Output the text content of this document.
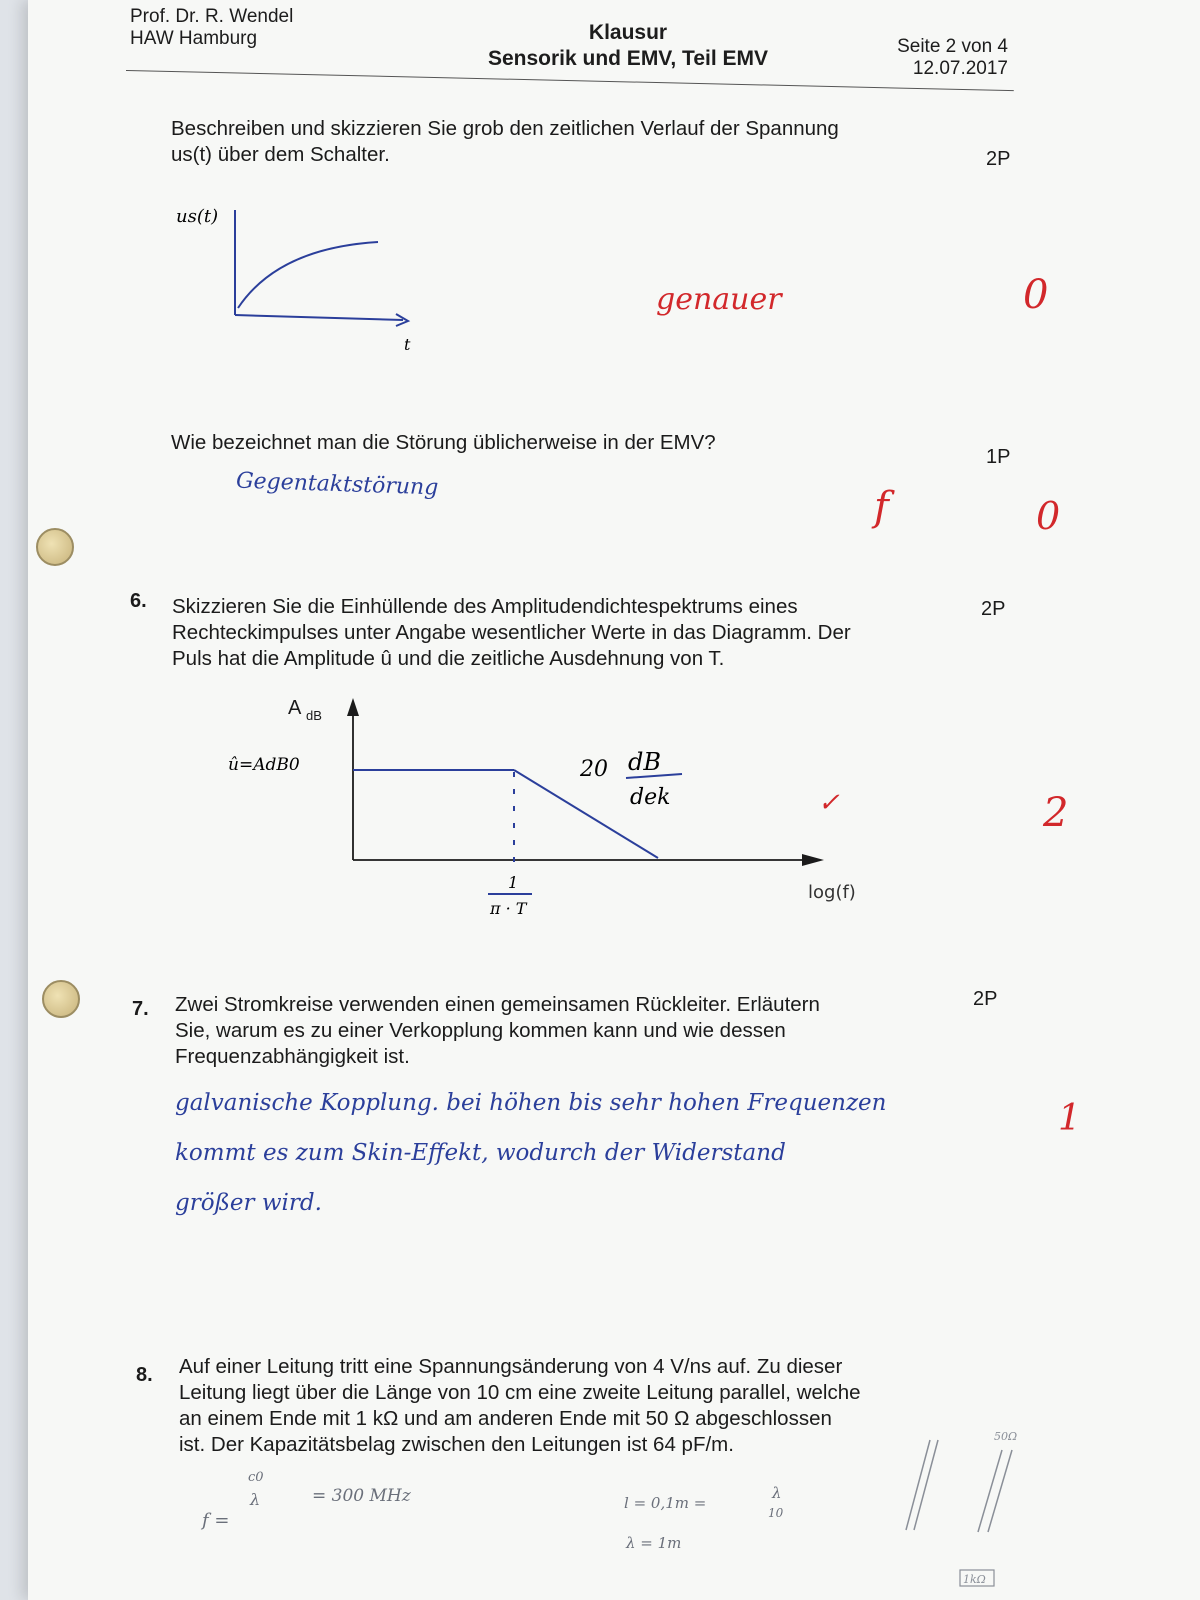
Prof. Dr. R. Wendel
HAW Hamburg	Klausur
Sensorik und EMV, Teil EMV
Seite 2 von 4
12.07.2017
Beschreiben und skizzieren Sie grob den zeitlichen Verlauf der Spannung
us(t) über dem Schalter.	2P
us(t)
t
genauer	0
Wie bezeichnet man die Störung üblicherweise in der EMV?
1P
Gegentaktstörung	f	0
6. Skizzieren Sie die Einhüllende des Amplitudendichtespektrums eines
Rechteckimpulses unter Angabe wesentlicher Werte in das Diagramm. Der
Puls hat die Amplitude û und die zeitliche Ausdehnung von T.
2P
A dB
log(f)
û=AdB0	20 dB
dek
1
π · T
✓	2
7. Zwei Stromkreise verwenden einen gemeinsamen Rückleiter. Erläutern
Sie, warum es zu einer Verkopplung kommen kann und wie dessen
Frequenzabhängigkeit ist.
2P
galvanische Kopplung. bei höhen bis sehr hohen Frequenzen
kommt es zum Skin-Effekt, wodurch der Widerstand
größer wird.
1
8. Auf einer Leitung tritt eine Spannungsänderung von 4 V/ns auf. Zu dieser
Leitung liegt über die Länge von 10 cm eine zweite Leitung parallel, welche
an einem Ende mit 1 kΩ und am anderen Ende mit 50 Ω abgeschlossen
ist. Der Kapazitätsbelag zwischen den Leitungen ist 64 pF/m.
f =
c0
λ	= 300 MHz	l = 0,1m =
λ
10
λ = 1m
50Ω
1kΩ
